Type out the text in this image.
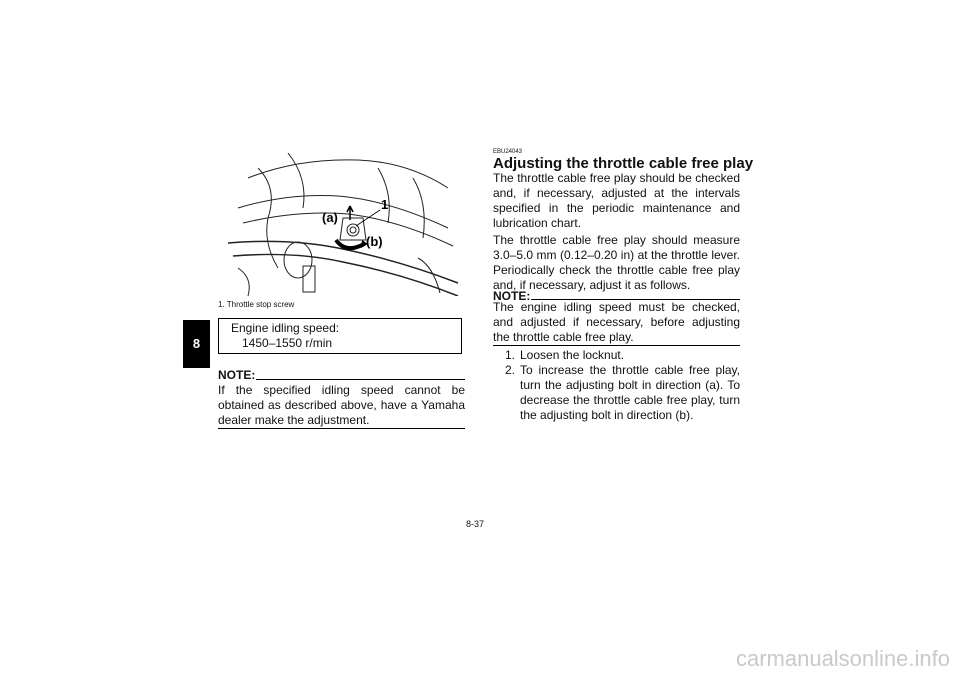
8
(a)
(b)
1
1. Throttle stop screw
Engine idling speed:
1450–1550 r/min
NOTE:
If the specified idling speed cannot be obtained as described above, have a Yamaha dealer make the adjustment.
EBU24043
Adjusting the throttle cable free play
The throttle cable free play should be checked and, if necessary, adjusted at the intervals specified in the periodic maintenance and lubrication chart.
The throttle cable free play should measure 3.0–5.0 mm (0.12–0.20 in) at the throttle lever. Periodically check the throttle cable free play and, if necessary, adjust it as follows.
NOTE:
The engine idling speed must be checked, and adjusted if necessary, before adjusting the throttle cable free play.
1. Loosen the locknut.
2. To increase the throttle cable free play, turn the adjusting bolt in direction (a). To decrease the throttle cable free play, turn the adjusting bolt in direction (b).
8-37
carmanualsonline.info
